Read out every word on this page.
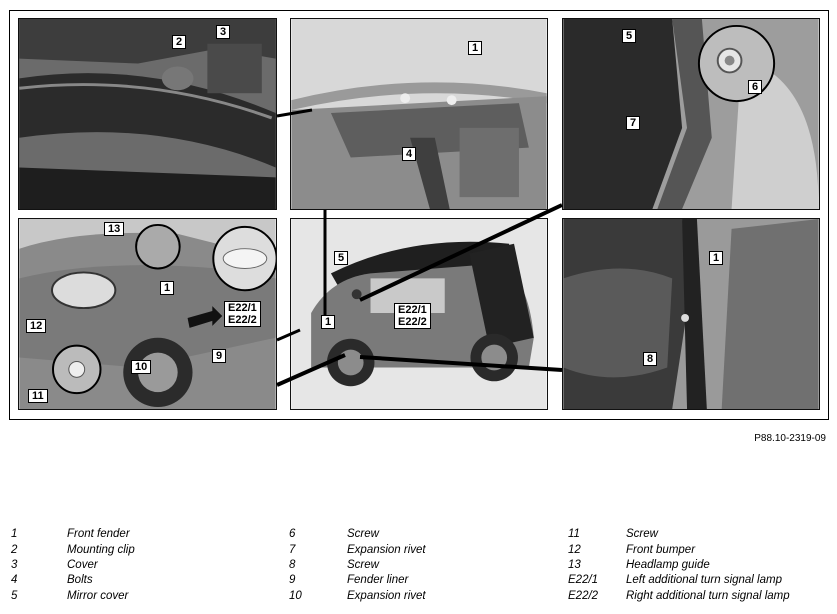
2
3
1
4
5
6
7
13
1
12
11
10
9
E22/1
E22/2
5
1
E22/1
E22/2
1
8
P88.10-2319-09
1	Front fender
2	Mounting clip
3	Cover
4	Bolts
5	Mirror cover
6	Screw
7	Expansion rivet
8	Screw
9	Fender liner
10	Expansion rivet
11	Screw
12	Front bumper
13	Headlamp guide
E22/1 Left additional turn signal lamp
E22/2 Right additional turn signal lamp
